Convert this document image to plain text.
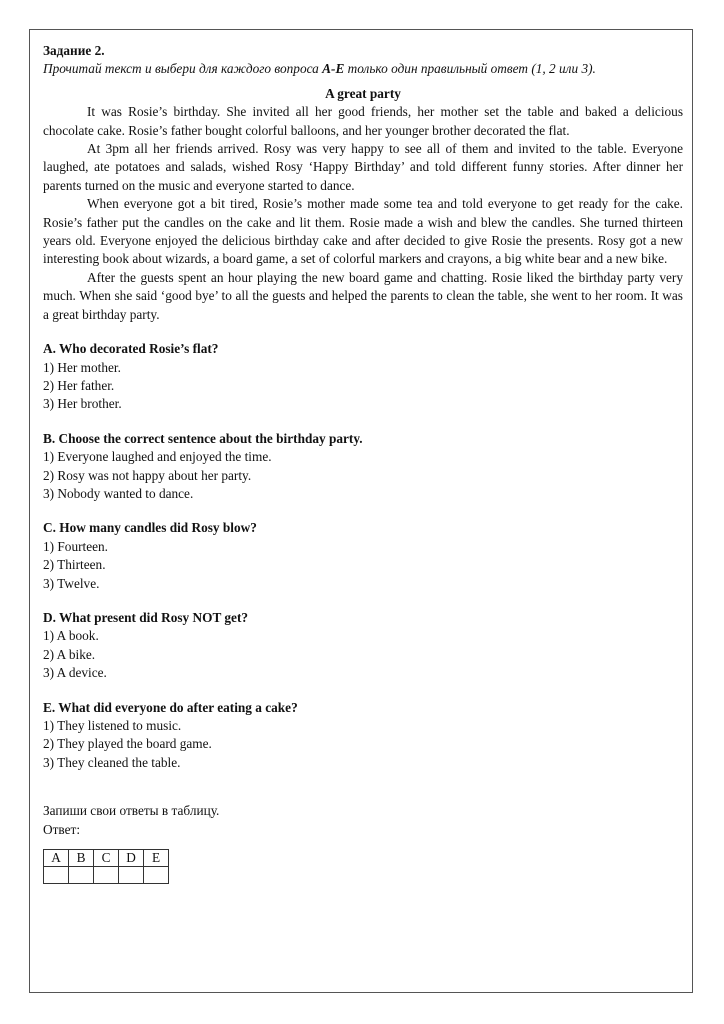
Задание 2.
Прочитай текст и выбери для каждого вопроса A-E только один правильный ответ (1, 2 или 3).
A great party

It was Rosie’s birthday. She invited all her good friends, her mother set the table and baked a delicious chocolate cake. Rosie’s father bought colorful balloons, and her younger brother decorated the flat.

At 3pm all her friends arrived. Rosy was very happy to see all of them and invited to the table. Everyone laughed, ate potatoes and salads, wished Rosy ‘Happy Birthday’ and told different funny stories. After dinner her parents turned on the music and everyone started to dance.

When everyone got a bit tired, Rosie’s mother made some tea and told everyone to get ready for the cake. Rosie’s father put the candles on the cake and lit them. Rosie made a wish and blew the candles. She turned thirteen years old. Everyone enjoyed the delicious birthday cake and after decided to give Rosie the presents. Rosy got a new interesting book about wizards, a board game, a set of colorful markers and crayons, a big white bear and a new bike.

After the guests spent an hour playing the new board game and chatting. Rosie liked the birthday party very much. When she said ‘good bye’ to all the guests and helped the parents to clean the table, she went to her room. It was a great birthday party.

A. Who decorated Rosie’s flat?
1) Her mother.
2) Her father.
3) Her brother.
B. Choose the correct sentence about the birthday party.
1) Everyone laughed and enjoyed the time.
2) Rosy was not happy about her party.
3) Nobody wanted to dance.
C. How many candles did Rosy blow?
1) Fourteen.
2) Thirteen.
3) Twelve.
D. What present did Rosy NOT get?
1) A book.
2) A bike.
3) A device.
E. What did everyone do after eating a cake?
1) They listened to music.
2) They played the board game.
3) They cleaned the table.
Запиши свои ответы в таблицу.
Ответ:
A	B	C	D	E
